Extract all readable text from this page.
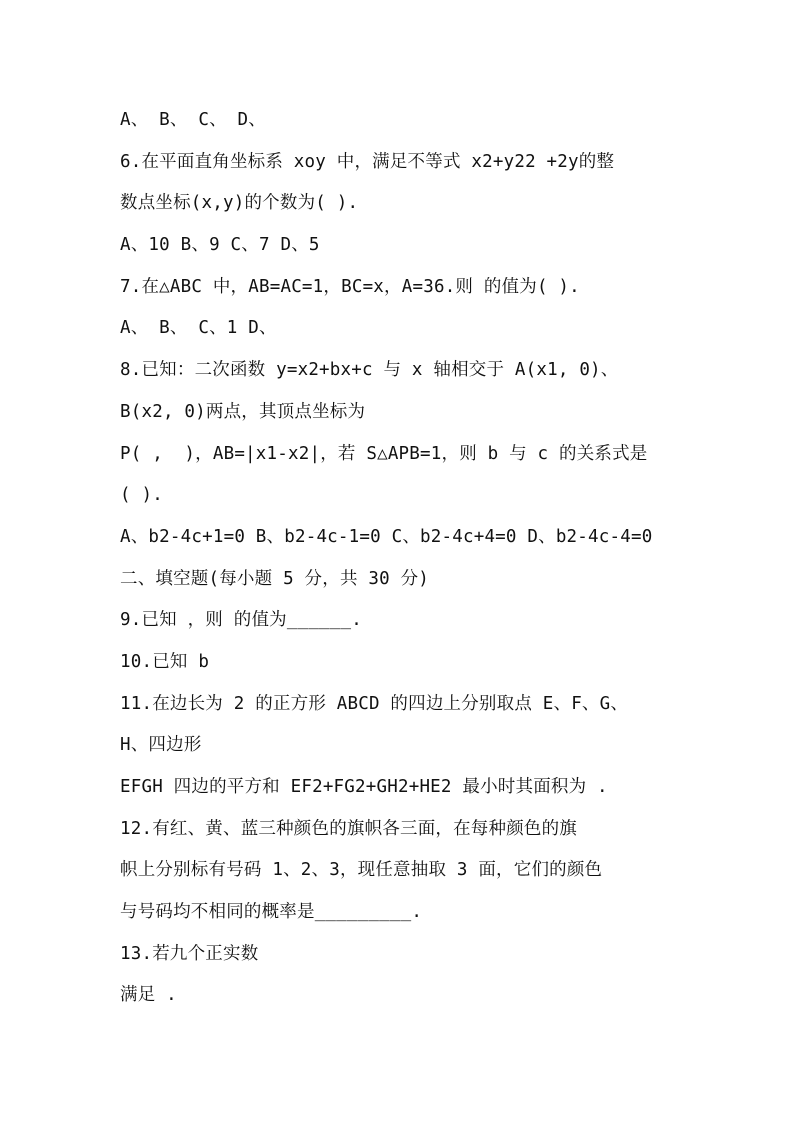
A、 B、 C、 D、
6.在平面直角坐标系 xoy 中，满足不等式 x2+y22 +2y的整
数点坐标(x,y)的个数为( ).
A、10 B、9 C、7 D、5
7.在△ABC 中，AB=AC=1，BC=x，A=36.则 的值为( ).
A、 B、 C、1 D、
8.已知：二次函数 y=x2+bx+c 与 x 轴相交于 A(x1, 0)、
B(x2, 0)两点，其顶点坐标为
P( ,  )，AB=|x1-x2|，若 S△APB=1，则 b 与 c 的关系式是
( ).
A、b2-4c+1=0 B、b2-4c-1=0 C、b2-4c+4=0 D、b2-4c-4=0
二、填空题(每小题 5 分，共 30 分)
9.已知 ，则 的值为______.
10.已知 b
11.在边长为 2 的正方形 ABCD 的四边上分别取点 E、F、G、
H、四边形
EFGH 四边的平方和 EF2+FG2+GH2+HE2 最小时其面积为 .
12.有红、黄、蓝三种颜色的旗帜各三面，在每种颜色的旗
帜上分别标有号码 1、2、3，现任意抽取 3 面，它们的颜色
与号码均不相同的概率是_________.
13.若九个正实数
满足 .
